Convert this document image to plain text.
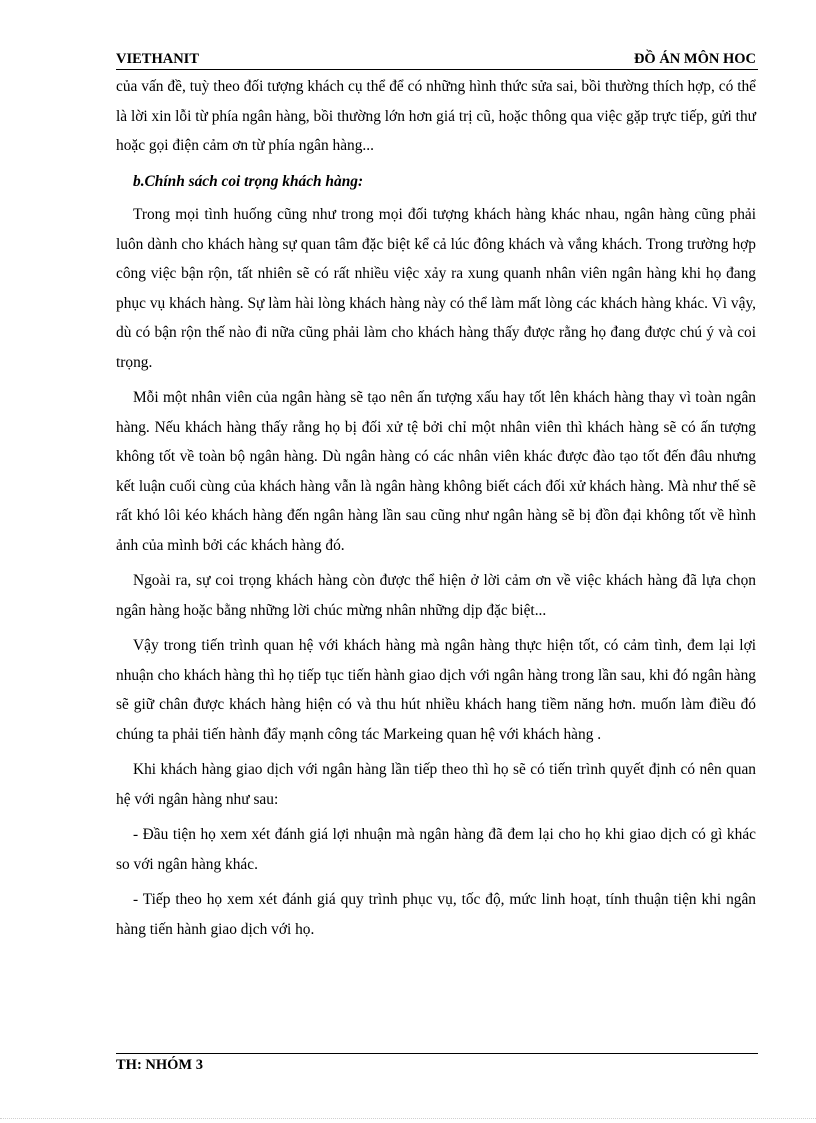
VIETHANIT	ĐỒ ÁN MÔN HOC

của vấn đề, tuỳ theo đối tượng khách cụ thể để có những hình thức sửa sai, bồi thường thích hợp, có thể là lời xin lỗi từ phía ngân hàng, bồi thường lớn hơn giá trị cũ, hoặc thông qua việc gặp trực tiếp, gửi thư hoặc gọi điện cảm ơn từ phía ngân hàng...

b.Chính sách coi trọng khách hàng:

Trong mọi tình huống cũng như trong mọi đối tượng khách hàng khác nhau, ngân hàng cũng phải luôn dành cho khách hàng sự quan tâm đặc biệt kể cả lúc đông khách và vắng khách. Trong trường hợp công việc bận rộn, tất nhiên sẽ có rất nhiều việc xảy ra xung quanh nhân viên ngân hàng khi họ đang phục vụ khách hàng. Sự làm hài lòng khách hàng này có thể làm mất lòng các khách hàng khác. Vì vậy, dù có bận rộn thế nào đi nữa cũng phải làm cho khách hàng thấy được rằng họ đang được chú ý và coi trọng.

Mỗi một nhân viên của ngân hàng sẽ tạo nên ấn tượng xấu hay tốt lên khách hàng thay vì toàn ngân hàng. Nếu khách hàng thấy rằng họ bị đối xử tệ bởi chỉ một nhân viên thì khách hàng sẽ có ấn tượng không tốt về toàn bộ ngân hàng. Dù ngân hàng có các nhân viên khác được đào tạo tốt đến đâu nhưng kết luận cuối cùng của khách hàng vẫn là ngân hàng không biết cách đối xử khách hàng. Mà như thế sẽ rất khó lôi kéo khách hàng đến ngân hàng lần sau cũng như ngân hàng sẽ bị đồn đại không tốt về hình ảnh của mình bởi các khách hàng đó.

Ngoài ra, sự coi trọng khách hàng còn được thể hiện ở lời cảm ơn về việc khách hàng đã lựa chọn ngân hàng hoặc bằng những lời chúc mừng nhân những dịp đặc biệt...

Vậy trong tiến trình quan hệ với khách hàng mà ngân hàng thực hiện tốt, có cảm tình, đem lại lợi nhuận cho khách hàng thì họ tiếp tục tiến hành giao dịch với ngân hàng trong lần sau, khi đó ngân hàng sẽ giữ chân được khách hàng hiện có và thu hút nhiều khách hang tiềm năng hơn. muốn làm điều đó chúng ta phải tiến hành đẩy mạnh công tác Markeing quan hệ với khách hàng .

Khi khách hàng giao dịch với ngân hàng lần tiếp theo thì họ sẽ có tiến trình quyết định có nên quan hệ với ngân hàng như sau:

- Đầu tiện họ xem xét đánh giá lợi nhuận mà ngân hàng đã đem lại cho họ khi giao dịch có gì khác so với ngân hàng khác.

- Tiếp theo họ xem xét đánh giá quy trình phục vụ, tốc độ, mức linh hoạt, tính thuận tiện khi ngân hàng tiến hành giao dịch với họ.

TH: NHÓM 3
